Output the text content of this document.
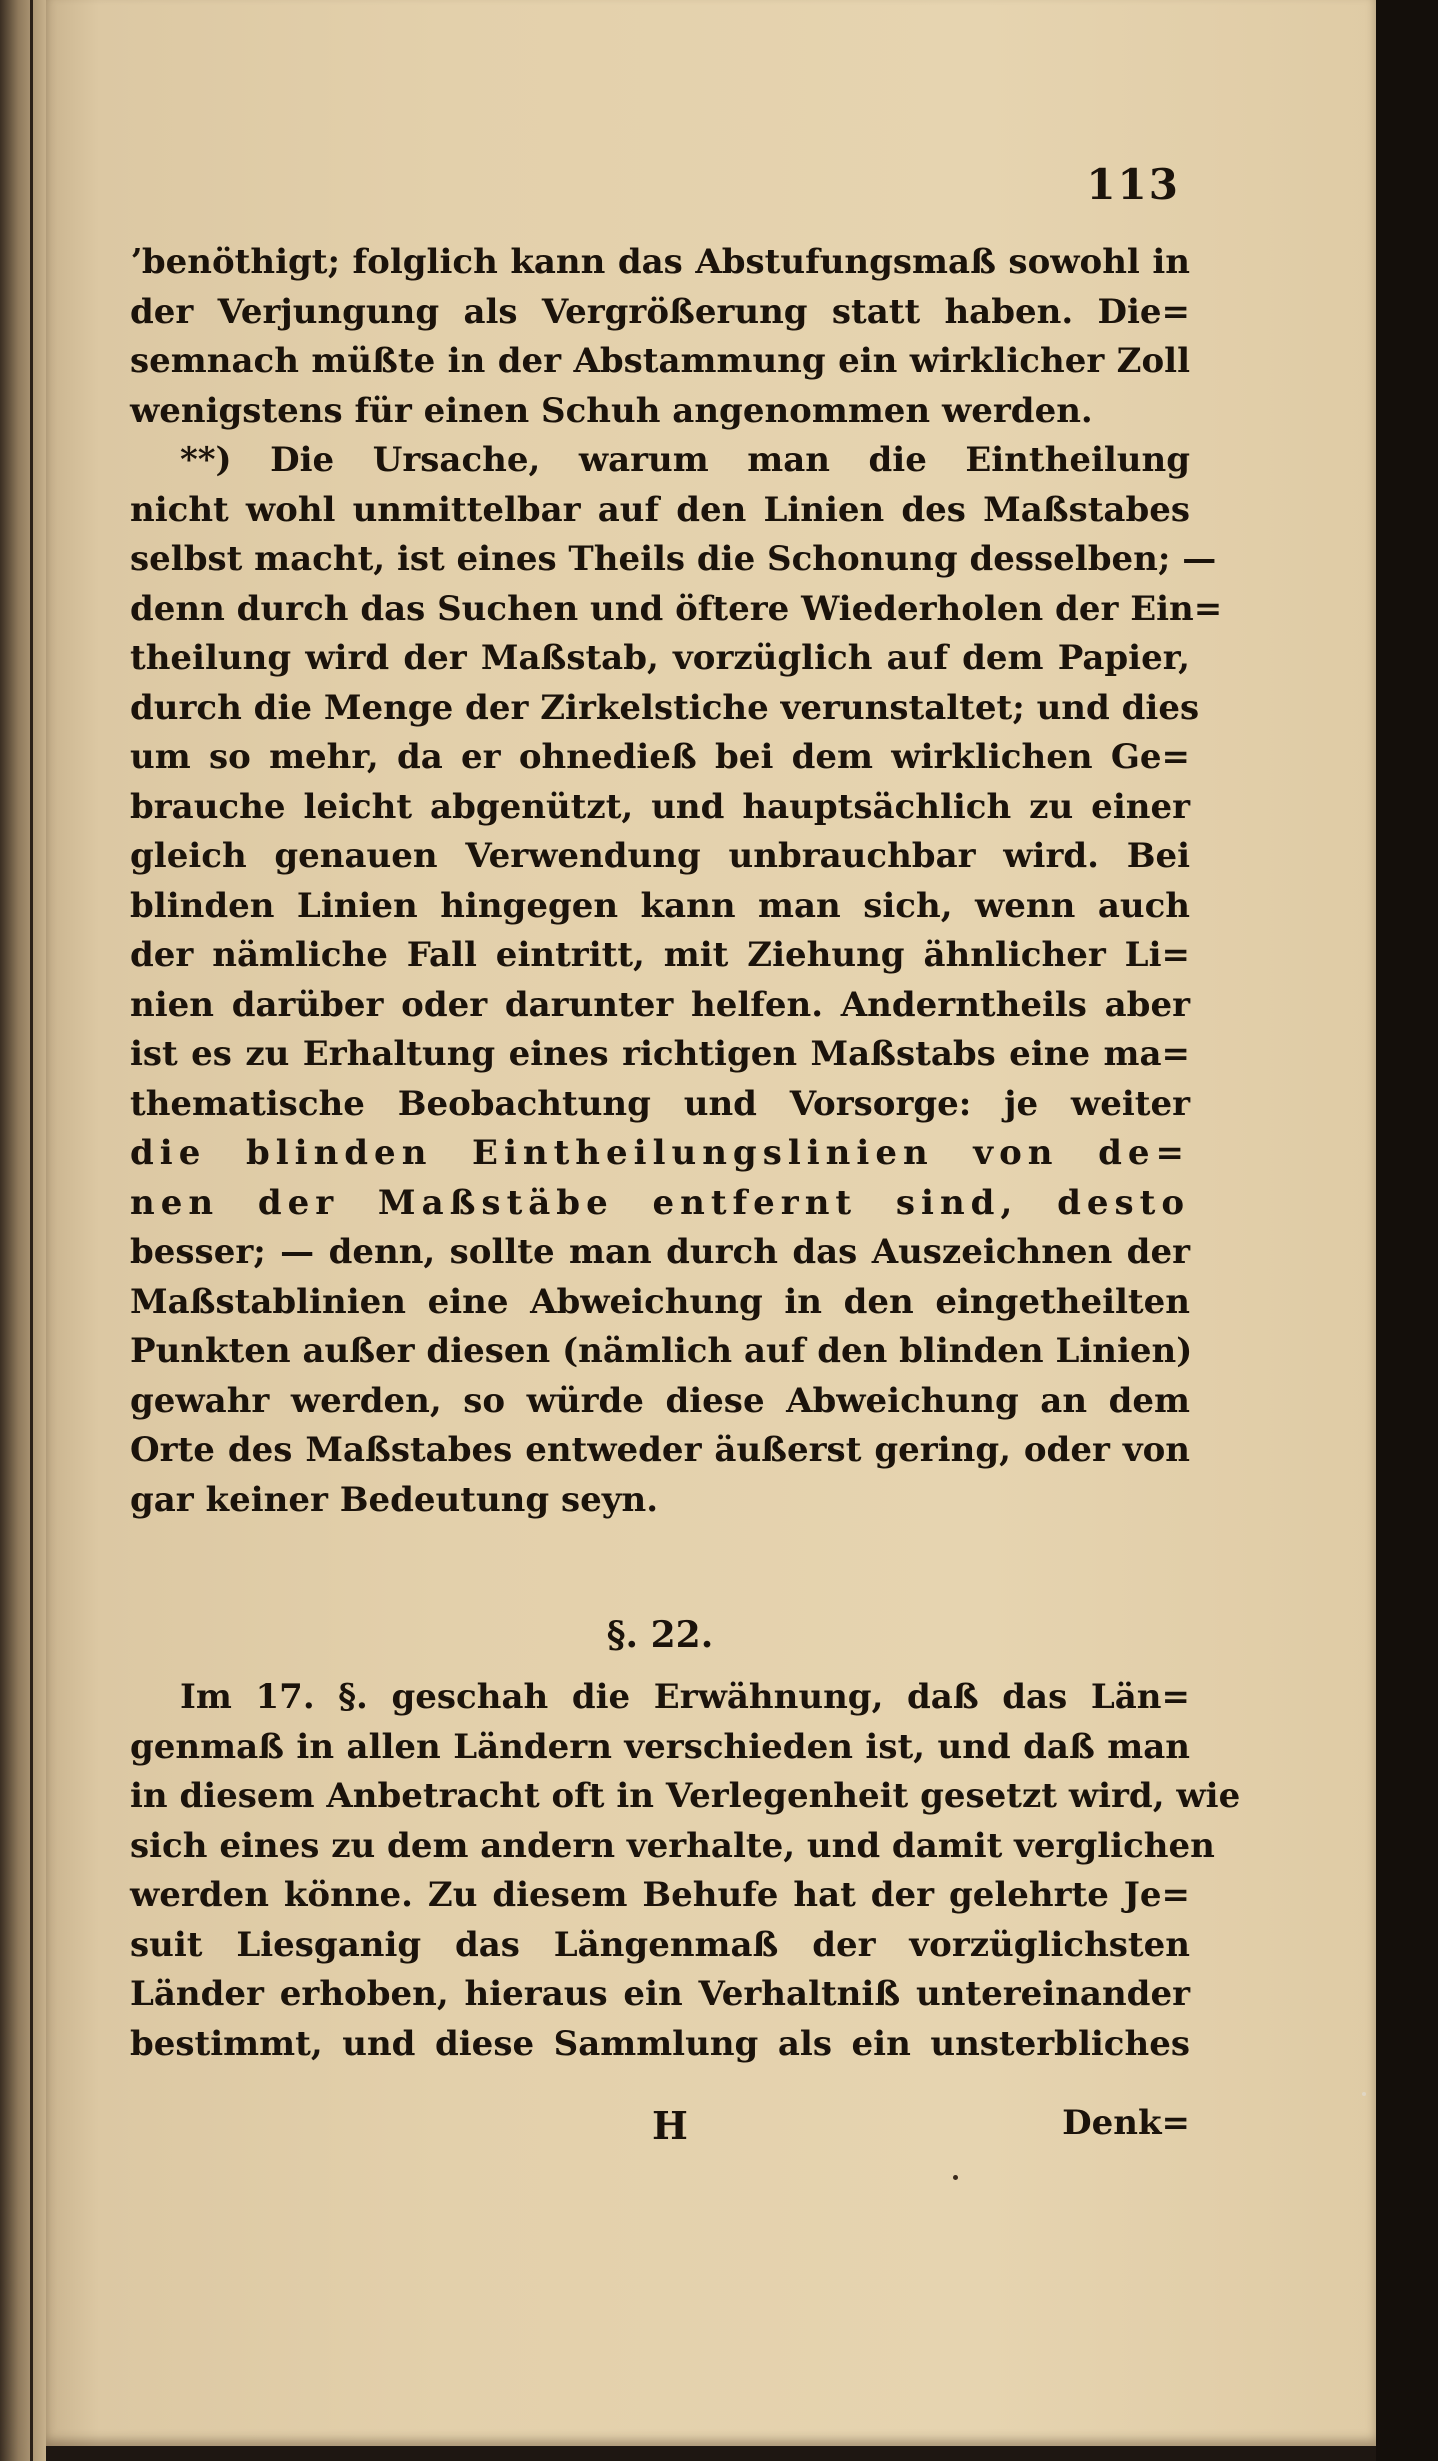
113
ʼbenöthigt; folglich kann das Abstufungsmaß sowohl in
der Verjungung als Vergrößerung statt haben. Die=
semnach müßte in der Abstammung ein wirklicher Zoll
wenigstens für einen Schuh angenommen werden.
**) Die Ursache, warum man die Eintheilung
nicht wohl unmittelbar auf den Linien des Maßstabes
selbst macht, ist eines Theils die Schonung desselben; —
denn durch das Suchen und öftere Wiederholen der Ein=
theilung wird der Maßstab, vorzüglich auf dem Papier,
durch die Menge der Zirkelstiche verunstaltet; und dies
um so mehr, da er ohnedieß bei dem wirklichen Ge=
brauche leicht abgenützt, und hauptsächlich zu einer
gleich genauen Verwendung unbrauchbar wird. Bei
blinden Linien hingegen kann man sich, wenn auch
der nämliche Fall eintritt, mit Ziehung ähnlicher Li=
nien darüber oder darunter helfen. Anderntheils aber
ist es zu Erhaltung eines richtigen Maßstabs eine ma=
thematische Beobachtung und Vorsorge: je weiter
die blinden Eintheilungslinien von de=
nen der Maßstäbe entfernt sind, desto
besser; — denn, sollte man durch das Auszeichnen der
Maßstablinien eine Abweichung in den eingetheilten
Punkten außer diesen (nämlich auf den blinden Linien)
gewahr werden, so würde diese Abweichung an dem
Orte des Maßstabes entweder äußerst gering, oder von
gar keiner Bedeutung seyn.
§. 22.
Im 17. §. geschah die Erwähnung, daß das Län=
genmaß in allen Ländern verschieden ist, und daß man
in diesem Anbetracht oft in Verlegenheit gesetzt wird, wie
sich eines zu dem andern verhalte, und damit verglichen
werden könne. Zu diesem Behufe hat der gelehrte Je=
suit Liesganig das Längenmaß der vorzüglichsten
Länder erhoben, hieraus ein Verhaltniß untereinander
bestimmt, und diese Sammlung als ein unsterbliches
H	Denk=
